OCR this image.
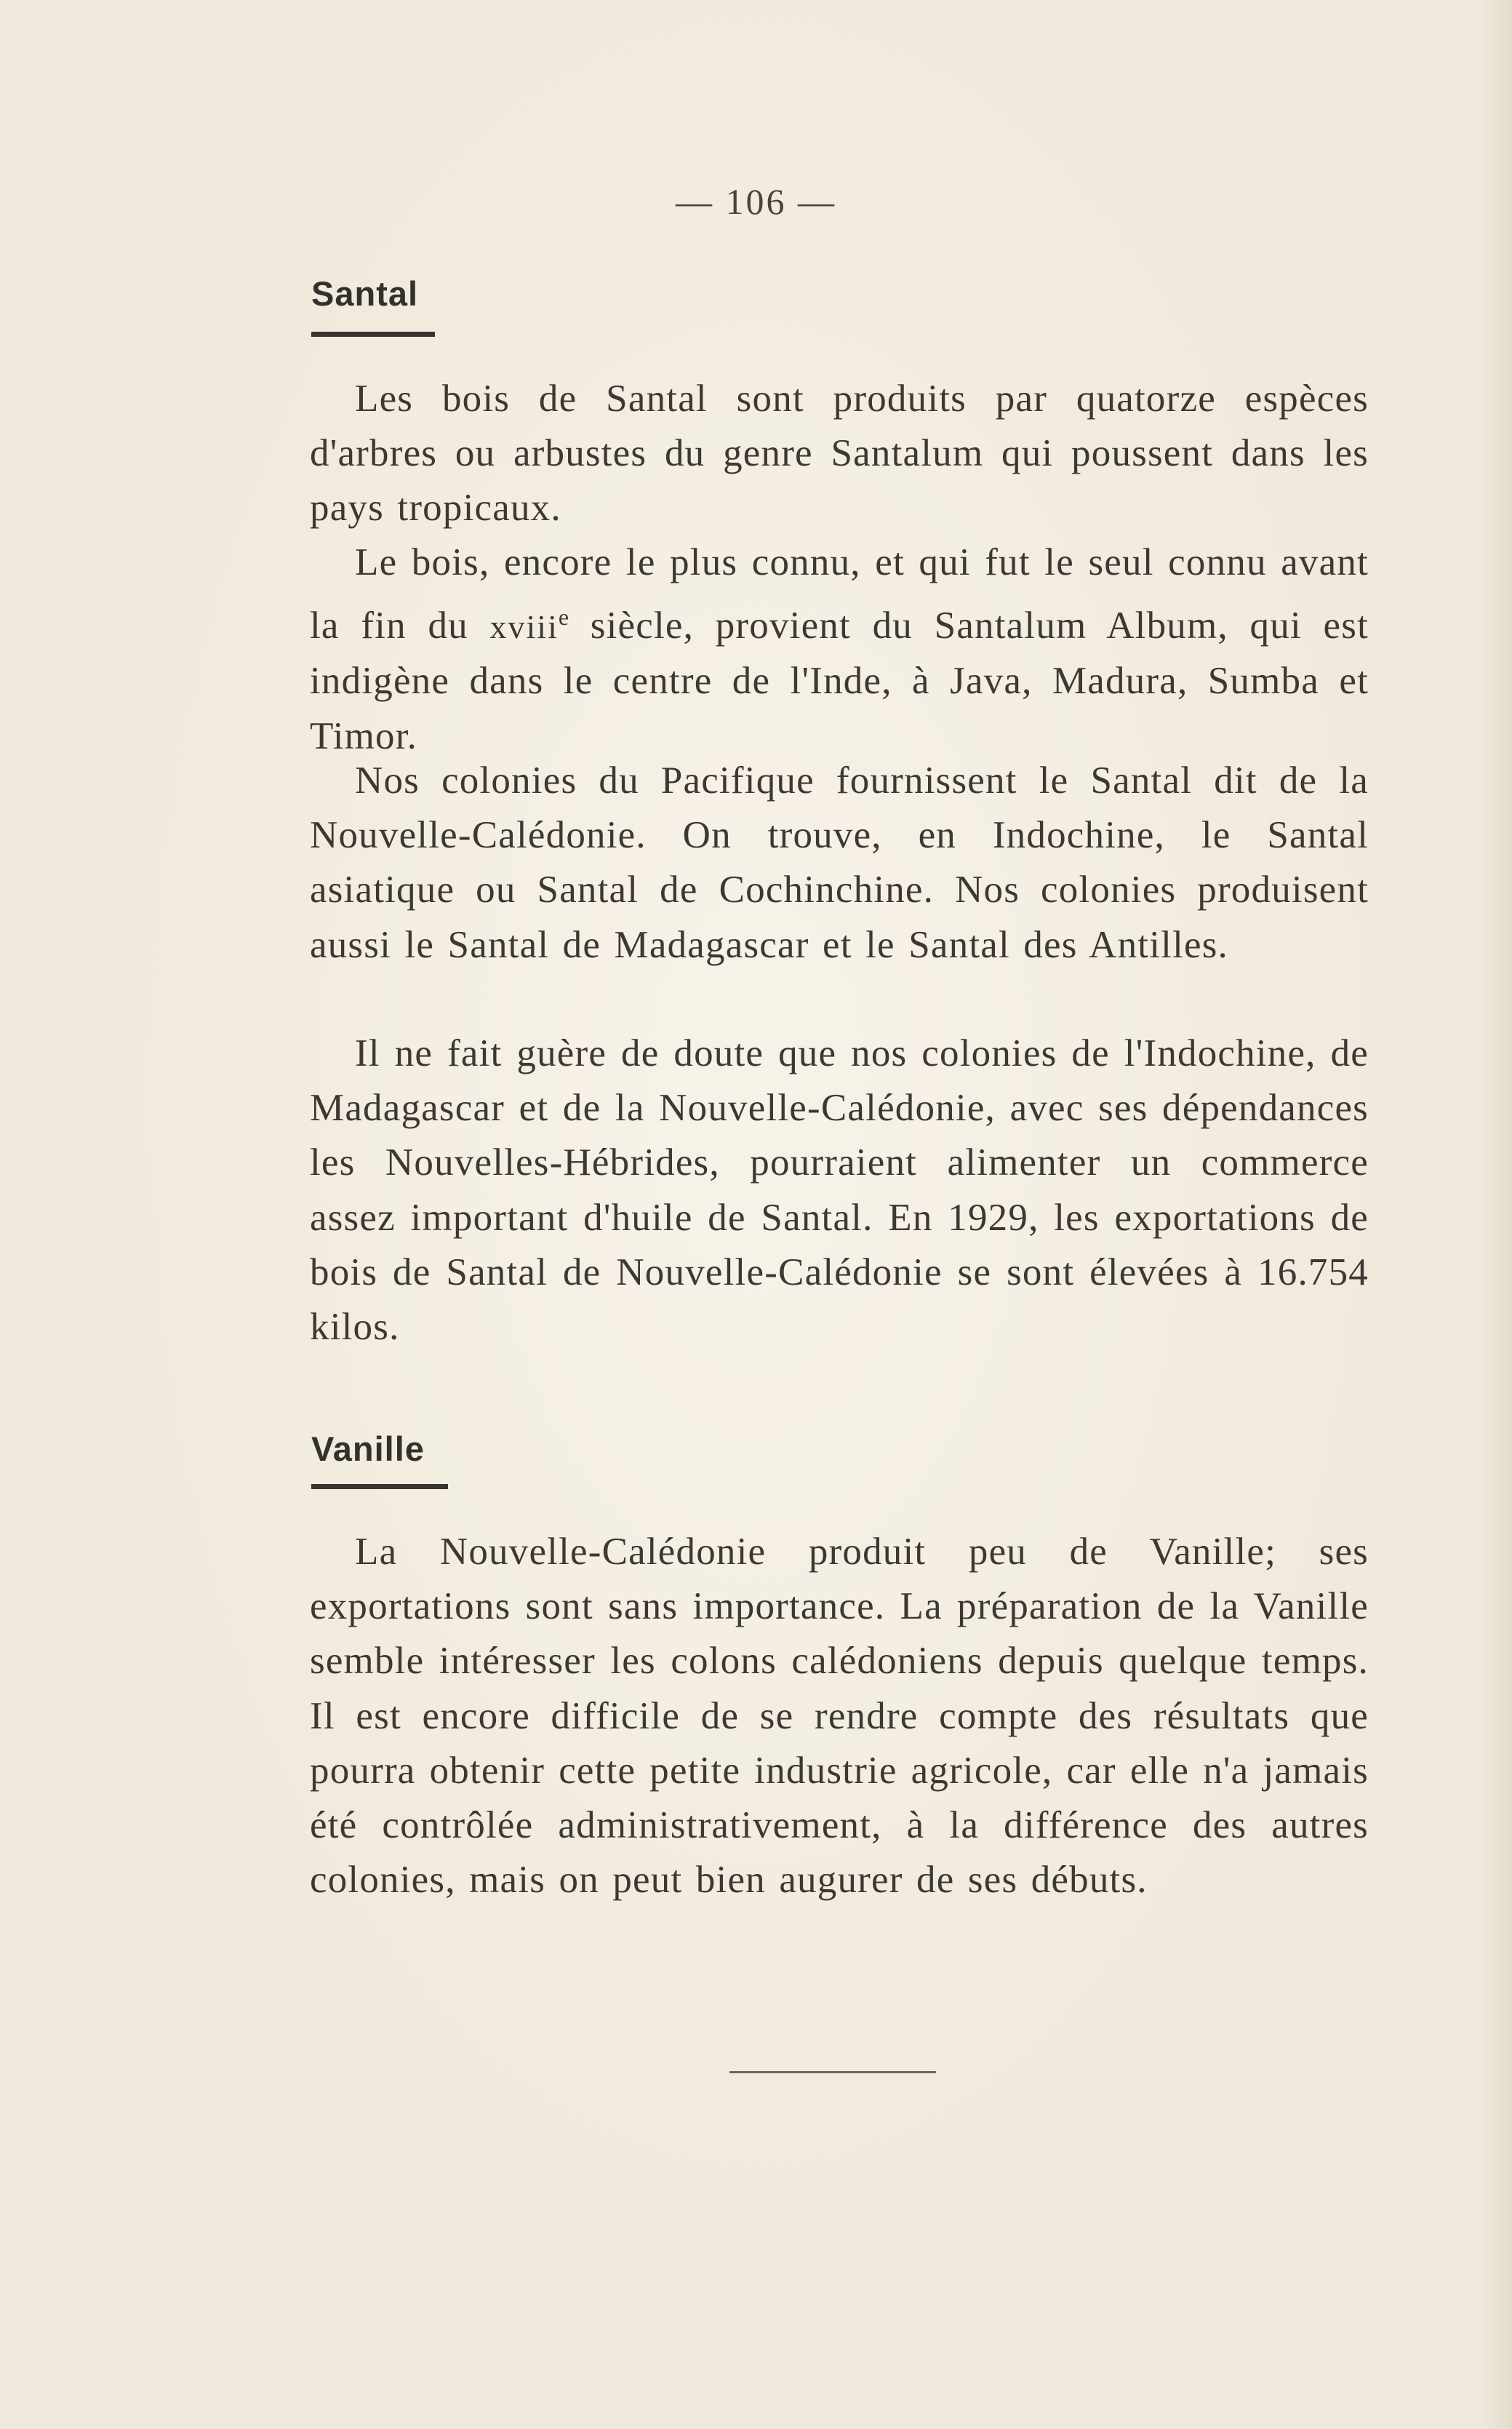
— 106 —
Santal

Les bois de Santal sont produits par quatorze espèces d'arbres ou arbustes du genre Santalum qui poussent dans les pays tropicaux.

Le bois, encore le plus connu, et qui fut le seul connu avant la fin du xviii$^e$ siècle, provient du Santalum Album, qui est indigène dans le centre de l'Inde, à Java, Madura, Sumba et Timor.

Nos colonies du Pacifique fournissent le Santal dit de la Nouvelle-Calédonie. On trouve, en Indochine, le Santal asiatique ou Santal de Cochinchine. Nos colonies produisent aussi le Santal de Madagascar et le Santal des Antilles.

Il ne fait guère de doute que nos colonies de l'Indochine, de Madagascar et de la Nouvelle-Calédonie, avec ses dépendances les Nouvelles-Hébrides, pourraient alimenter un commerce assez important d'huile de Santal. En 1929, les exportations de bois de Santal de Nouvelle-Calédonie se sont élevées à 16.754 kilos.

Vanille

La Nouvelle-Calédonie produit peu de Vanille; ses exportations sont sans importance. La préparation de la Vanille semble intéresser les colons calédoniens depuis quelque temps. Il est encore difficile de se rendre compte des résultats que pourra obtenir cette petite industrie agricole, car elle n'a jamais été contrôlée administrativement, à la différence des autres colonies, mais on peut bien augurer de ses débuts.
